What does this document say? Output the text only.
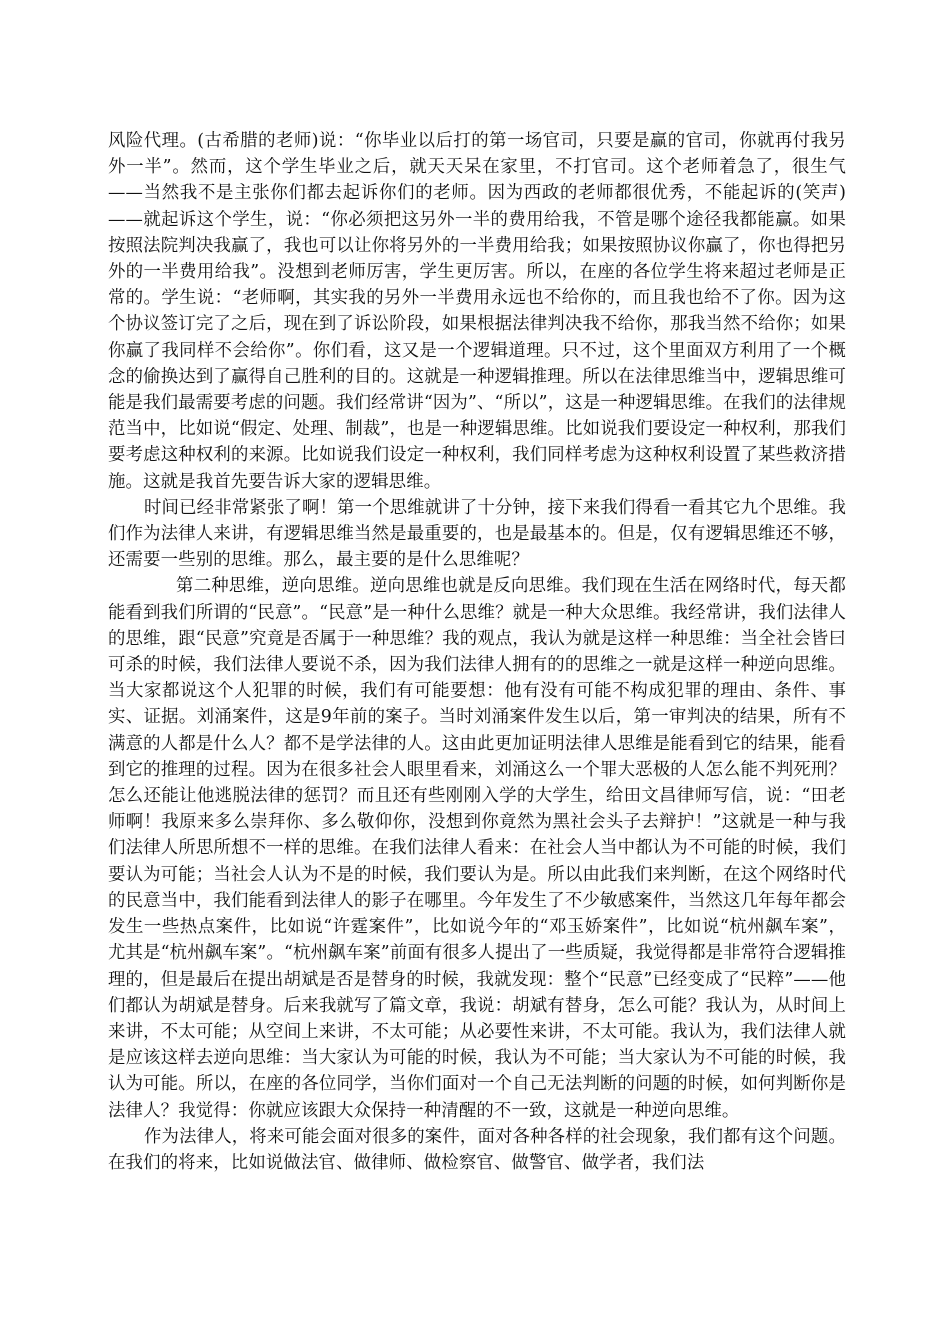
风险代理。(古希腊的老师)说：“你毕业以后打的第一场官司，只要是赢的官司，你就再付我另外一半”。然而，这个学生毕业之后，就天天呆在家里，不打官司。这个老师着急了，很生气——当然我不是主张你们都去起诉你们的老师。因为西政的老师都很优秀，不能起诉的(笑声)——就起诉这个学生，说：“你必须把这另外一半的费用给我，不管是哪个途径我都能赢。如果按照法院判决我赢了，我也可以让你将另外的一半费用给我；如果按照协议你赢了，你也得把另外的一半费用给我”。没想到老师厉害，学生更厉害。所以，在座的各位学生将来超过老师是正常的。学生说：“老师啊，其实我的另外一半费用永远也不给你的，而且我也给不了你。因为这个协议签订完了之后，现在到了诉讼阶段，如果根据法律判决我不给你，那我当然不给你；如果你赢了我同样不会给你”。你们看，这又是一个逻辑道理。只不过，这个里面双方利用了一个概念的偷换达到了赢得自己胜利的目的。这就是一种逻辑推理。所以在法律思维当中，逻辑思维可能是我们最需要考虑的问题。我们经常讲“因为”、“所以”，这是一种逻辑思维。在我们的法律规范当中，比如说“假定、处理、制裁”，也是一种逻辑思维。比如说我们要设定一种权利，那我们要考虑这种权利的来源。比如说我们设定一种权利，我们同样考虑为这种权利设置了某些救济措施。这就是我首先要告诉大家的逻辑思维。

时间已经非常紧张了啊！第一个思维就讲了十分钟，接下来我们得看一看其它九个思维。我们作为法律人来讲，有逻辑思维当然是最重要的，也是最基本的。但是，仅有逻辑思维还不够，还需要一些别的思维。那么，最主要的是什么思维呢？

第二种思维，逆向思维。逆向思维也就是反向思维。我们现在生活在网络时代，每天都能看到我们所谓的“民意”。“民意”是一种什么思维？就是一种大众思维。我经常讲，我们法律人的思维，跟“民意”究竟是否属于一种思维？我的观点，我认为就是这样一种思维：当全社会皆曰可杀的时候，我们法律人要说不杀，因为我们法律人拥有的的思维之一就是这样一种逆向思维。当大家都说这个人犯罪的时候，我们有可能要想：他有没有可能不构成犯罪的理由、条件、事实、证据。刘涌案件，这是9年前的案子。当时刘涌案件发生以后，第一审判决的结果，所有不满意的人都是什么人？都不是学法律的人。这由此更加证明法律人思维是能看到它的结果，能看到它的推理的过程。因为在很多社会人眼里看来，刘涌这么一个罪大恶极的人怎么能不判死刑？怎么还能让他逃脱法律的惩罚？而且还有些刚刚入学的大学生，给田文昌律师写信，说：“田老师啊！我原来多么崇拜你、多么敬仰你，没想到你竟然为黑社会头子去辩护！”这就是一种与我们法律人所思所想不一样的思维。在我们法律人看来：在社会人当中都认为不可能的时候，我们要认为可能；当社会人认为不是的时候，我们要认为是。所以由此我们来判断，在这个网络时代的民意当中，我们能看到法律人的影子在哪里。今年发生了不少敏感案件，当然这几年每年都会发生一些热点案件，比如说“许霆案件”，比如说今年的“邓玉娇案件”，比如说“杭州飙车案”，尤其是“杭州飙车案”。“杭州飙车案”前面有很多人提出了一些质疑，我觉得都是非常符合逻辑推理的，但是最后在提出胡斌是否是替身的时候，我就发现：整个“民意”已经变成了“民粹”——他们都认为胡斌是替身。后来我就写了篇文章，我说：胡斌有替身，怎么可能？我认为，从时间上来讲，不太可能；从空间上来讲，不太可能；从必要性来讲，不太可能。我认为，我们法律人就是应该这样去逆向思维：当大家认为可能的时候，我认为不可能；当大家认为不可能的时候，我认为可能。所以，在座的各位同学，当你们面对一个自己无法判断的问题的时候，如何判断你是法律人？我觉得：你就应该跟大众保持一种清醒的不一致，这就是一种逆向思维。

作为法律人，将来可能会面对很多的案件，面对各种各样的社会现象，我们都有这个问题。在我们的将来，比如说做法官、做律师、做检察官、做警官、做学者，我们法
